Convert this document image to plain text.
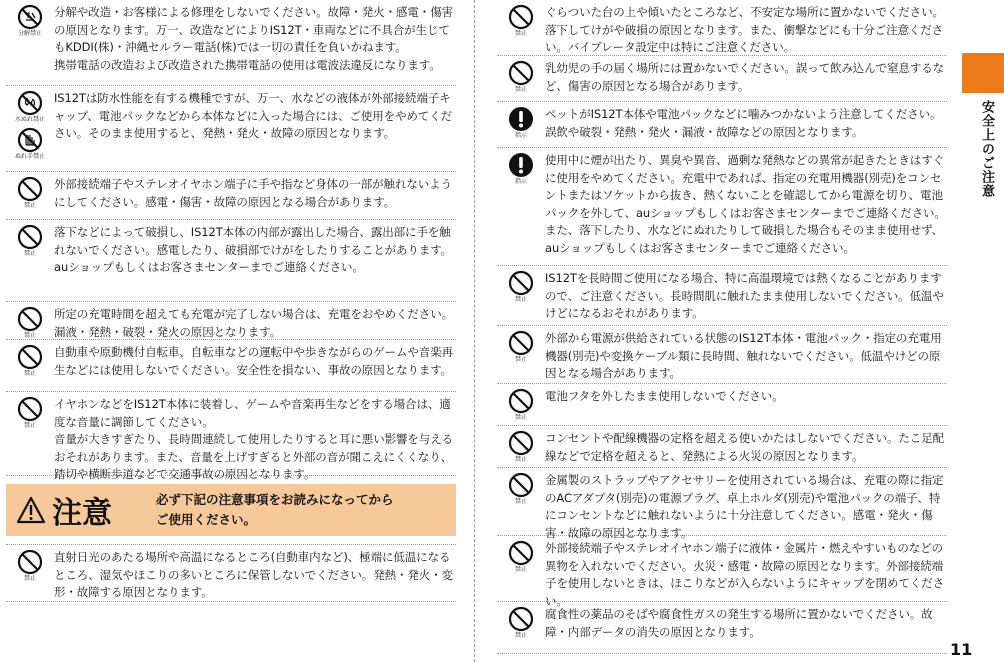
分解禁止

分解や改造・お客様による修理をしないでください。故障・発火・感電・傷害の原因となります。万一、改造などによりIS12T・車両などに不具合が生じてもKDDI(株)・沖縄セルラー電話(株)では一切の責任を負いかねます。

携帯電話の改造および改造された携帯電話の使用は電波法違反になります。

水ぬれ禁止
ぬれ手禁止

IS12Tは防水性能を有する機種ですが、万一、水などの液体が外部接続端子キャップ、電池パックなどから本体などに入った場合には、ご使用をやめてください。そのまま使用すると、発熱・発火・故障の原因となります。

禁止

外部接続端子やステレオイヤホン端子に手や指など身体の一部が触れないようにしてください。感電・傷害・故障の原因となる場合があります。

禁止

落下などによって破損し、IS12T本体の内部が露出した場合、露出部に手を触れないでください。感電したり、破損部でけがをしたりすることがあります。auショップもしくはお客さまセンターまでご連絡ください。

禁止

所定の充電時間を超えても充電が完了しない場合は、充電をおやめください。漏液・発熱・破裂・発火の原因となります。

禁止

自動車や原動機付自転車、自転車などの運転中や歩きながらのゲームや音楽再生などには使用しないでください。安全性を損ない、事故の原因となります。

禁止

イヤホンなどをIS12T本体に装着し、ゲームや音楽再生などをする場合は、適度な音量に調節してください。

音量が大きすぎたり、長時間連続して使用したりすると耳に悪い影響を与えるおそれがあります。また、音量を上げすぎると外部の音が聞こえにくくなり、踏切や横断歩道などで交通事故の原因となります。

注意	必ず下記の注意事項をお読みになってから
ご使用ください。
禁止

直射日光のあたる場所や高温になるところ(自動車内など)、極端に低温になるところ、湿気やほこりの多いところに保管しないでください。発熱・発火・変形・故障する原因となります。

禁止

ぐらついた台の上や傾いたところなど、不安定な場所に置かないでください。落下してけがや破損の原因となります。また、衝撃などにも十分ご注意ください。バイブレータ設定中は特にご注意ください。

禁止

乳幼児の手の届く場所には置かないでください。誤って飲み込んで窒息するなど、傷害の原因となる場合があります。

指示

ペットがIS12T本体や電池パックなどに噛みつかないよう注意してください。誤飲や破裂・発熱・発火・漏液・故障などの原因となります。

指示

使用中に煙が出たり、異臭や異音、過剰な発熱などの異常が起きたときはすぐに使用をやめてください。充電中であれば、指定の充電用機器(別売)をコンセントまたはソケットから抜き、熱くないことを確認してから電源を切り、電池パックを外して、auショップもしくはお客さまセンターまでご連絡ください。また、落下したり、水などにぬれたりして破損した場合もそのまま使用せず、auショップもしくはお客さまセンターまでご連絡ください。

禁止

IS12Tを長時間ご使用になる場合、特に高温環境では熱くなることがありますので、ご注意ください。長時間肌に触れたまま使用しないでください。低温やけどになるおそれがあります。

禁止

外部から電源が供給されている状態のIS12T本体・電池パック・指定の充電用機器(別売)や変換ケーブル類に長時間、触れないでください。低温やけどの原因となる場合があります。

禁止

電池フタを外したまま使用しないでください。

禁止

コンセントや配線機器の定格を超える使いかたはしないでください。たこ足配線などで定格を超えると、発熱による火災の原因となります。

禁止

金属製のストラップやアクセサリーを使用されている場合は、充電の際に指定のACアダプタ(別売)の電源プラグ、卓上ホルダ(別売)や電池パックの端子、特にコンセントなどに触れないように十分注意してください。感電・発火・傷害・故障の原因となります。

禁止

外部接続端子やステレオイヤホン端子に液体・金属片・燃えやすいものなどの異物を入れないでください。火災・感電・故障の原因となります。外部接続端子を使用しないときは、ほこりなどが入らないようにキャップを閉めてください。

禁止

腐食性の薬品のそばや腐食性ガスの発生する場所に置かないでください。故障・内部データの消失の原因となります。

安全上のご注意
11
